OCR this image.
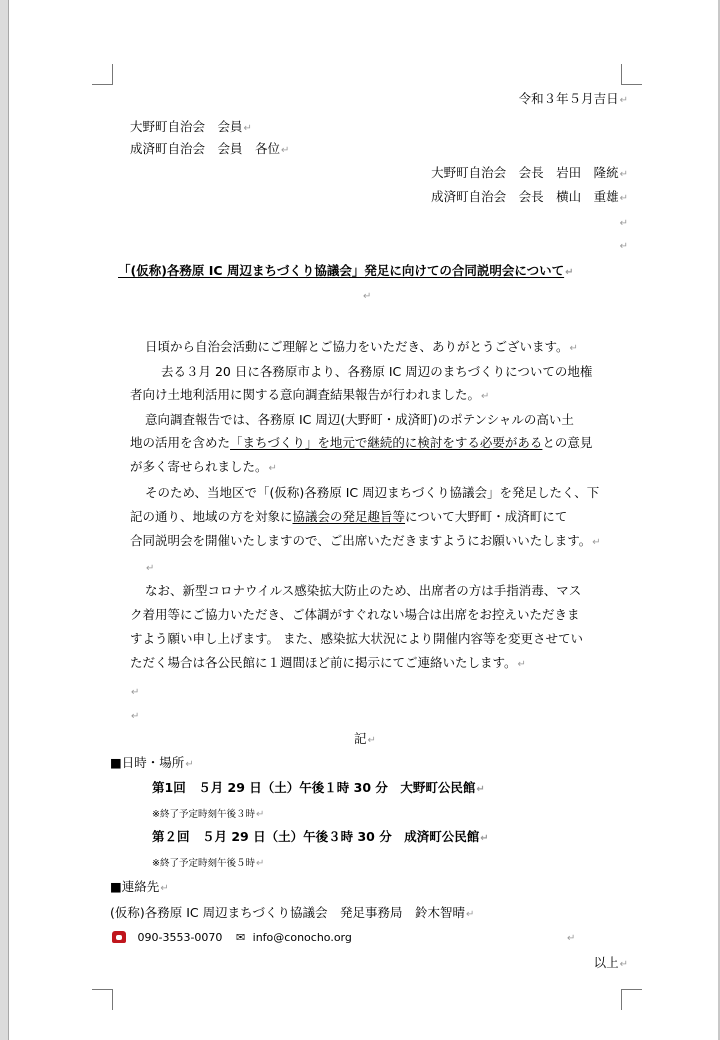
令和３年５月吉日↵
大野町自治会　会員↵
成済町自治会　会員　各位↵
大野町自治会　会長　岩田　隆統↵
成済町自治会　会長　横山　重雄↵
↵
↵
「(仮称)各務原 IC 周辺まちづくり協議会」発足に向けての合同説明会について↵
↵
日頃から自治会活動にご理解とご協力をいただき、ありがとうございます。↵
去る３月 20 日に各務原市より、各務原 IC 周辺のまちづくりについての地権
者向け土地利活用に関する意向調査結果報告が行われました。↵
意向調査報告では、各務原 IC 周辺(大野町・成済町)のポテンシャルの高い土
地の活用を含めた「まちづくり」を地元で継続的に検討をする必要があるとの意見
が多く寄せられました。↵
そのため、当地区で「(仮称)各務原 IC 周辺まちづくり協議会」を発足したく、下
記の通り、地域の方を対象に協議会の発足趣旨等について大野町・成済町にて
合同説明会を開催いたしますので、ご出席いただきますようにお願いいたします。↵
↵
なお、新型コロナウイルス感染拡大防止のため、出席者の方は手指消毒、マス
ク着用等にご協力いただき、ご体調がすぐれない場合は出席をお控えいただきま
すよう願い申し上げます。 また、感染拡大状況により開催内容等を変更させてい
ただく場合は各公民館に１週間ほど前に掲示にてご連絡いたします。↵
↵
↵
記↵
■日時・場所↵
第1回　５月 29 日（土）午後１時 30 分　大野町公民館↵
※終了予定時刻午後３時↵
第２回　５月 29 日（土）午後３時 30 分　成済町公民館↵
※終了予定時刻午後５時↵
■連絡先↵
(仮称)各務原 IC 周辺まちづくり協議会　発足事務局　鈴木智晴↵
090-3553-0070 ✉ info@conocho.org	↵
以上↵
